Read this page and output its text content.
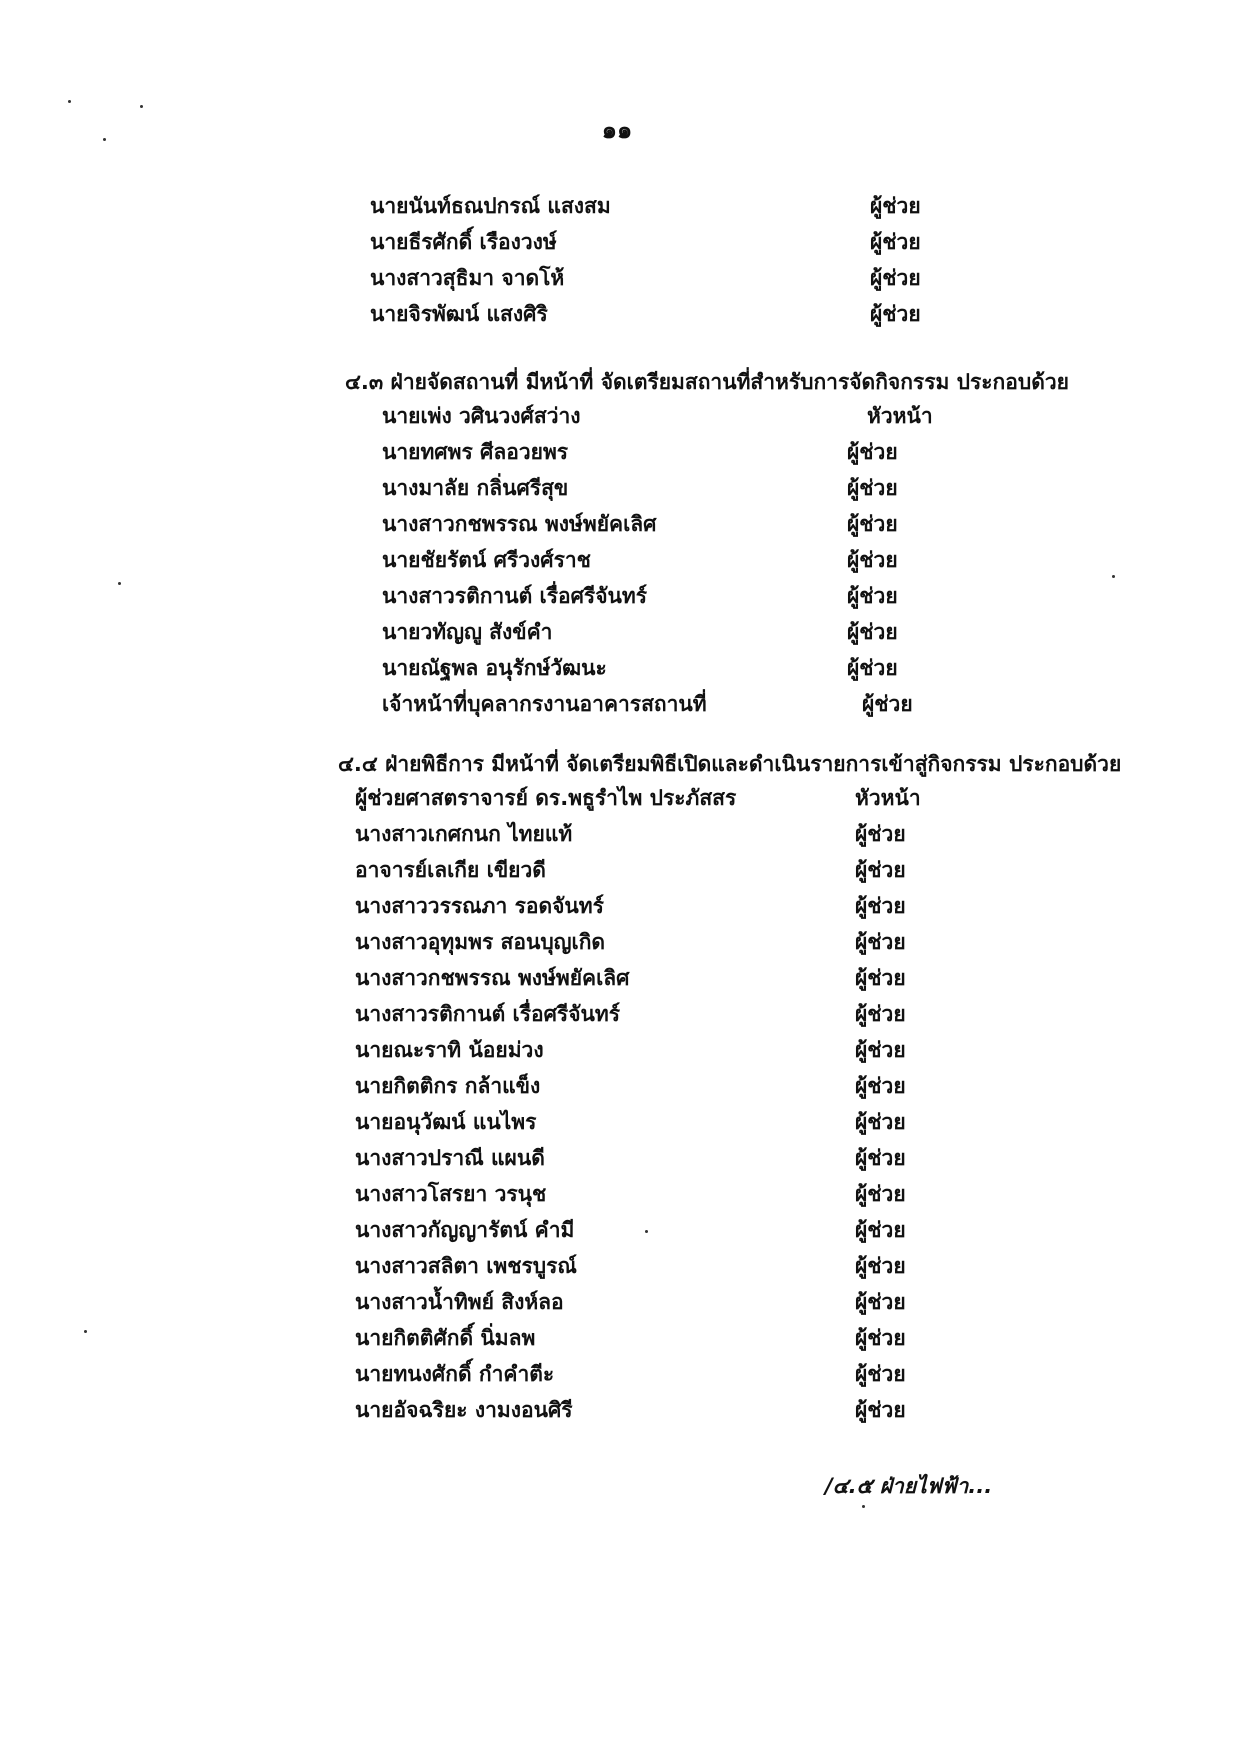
๑๑
นายนันท์ธณปกรณ์ แสงสม	ผู้ช่วย
นายธีรศักดิ์ เรืองวงษ์	ผู้ช่วย
นางสาวสุธิมา จาดโห้	ผู้ช่วย
นายจิรพัฒน์ แสงศิริ	ผู้ช่วย
๔.๓ ฝ่ายจัดสถานที่ มีหน้าที่ จัดเตรียมสถานที่สำหรับการจัดกิจกรรม ประกอบด้วย
นายเพ่ง วศินวงศ์สว่าง	หัวหน้า
นายทศพร ศีลอวยพร	ผู้ช่วย
นางมาลัย กลิ่นศรีสุข	ผู้ช่วย
นางสาวกชพรรณ พงษ์พยัคเลิศ	ผู้ช่วย
นายชัยรัตน์ ศรีวงศ์ราช	ผู้ช่วย
นางสาวรติกานต์ เรื่อศรีจันทร์	ผู้ช่วย
นายวทัญญู สังข์คำ	ผู้ช่วย
นายณัฐพล อนุรักษ์วัฒนะ	ผู้ช่วย
เจ้าหน้าที่บุคลากรงานอาคารสถานที่	ผู้ช่วย
๔.๔ ฝ่ายพิธีการ มีหน้าที่ จัดเตรียมพิธีเปิดและดำเนินรายการเข้าสู่กิจกรรม ประกอบด้วย
ผู้ช่วยศาสตราจารย์ ดร.พธูรำไพ ประภัสสร	หัวหน้า
นางสาวเกศกนก ไทยแท้	ผู้ช่วย
อาจารย์เลเกีย เขียวดี	ผู้ช่วย
นางสาววรรณภา รอดจันทร์	ผู้ช่วย
นางสาวอุทุมพร สอนบุญเกิด	ผู้ช่วย
นางสาวกชพรรณ พงษ์พยัคเลิศ	ผู้ช่วย
นางสาวรติกานต์ เรื่อศรีจันทร์	ผู้ช่วย
นายณะราทิ น้อยม่วง	ผู้ช่วย
นายกิตติกร กล้าแข็ง	ผู้ช่วย
นายอนุวัฒน์ แนไพร	ผู้ช่วย
นางสาวปราณี แผนดี	ผู้ช่วย
นางสาวโสรยา วรนุช	ผู้ช่วย
นางสาวกัญญารัตน์ คำมี	ผู้ช่วย
นางสาวสลิตา เพชรบูรณ์	ผู้ช่วย
นางสาวน้ำทิพย์ สิงห์ลอ	ผู้ช่วย
นายกิตติศักดิ์ นิ่มลพ	ผู้ช่วย
นายทนงศักดิ์ กำคำตีะ	ผู้ช่วย
นายอัจฉริยะ งามงอนศิรี	ผู้ช่วย
/๔.๕ ฝ่ายไฟฟ้า...
